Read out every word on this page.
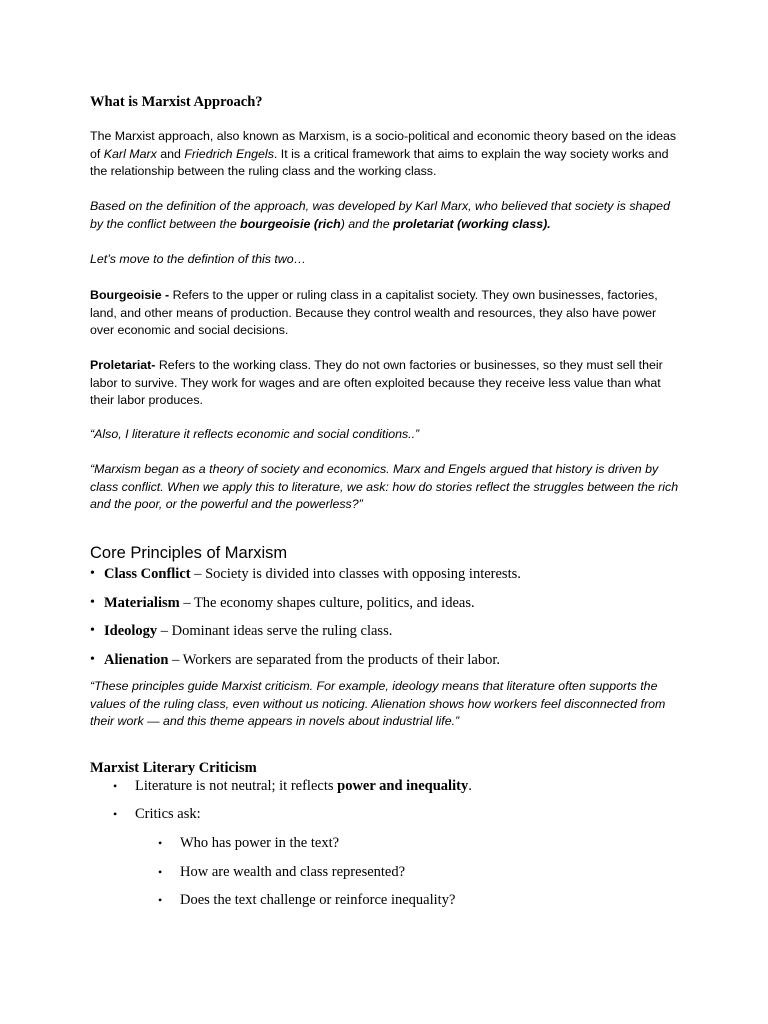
What is Marxist Approach?

The Marxist approach, also known as Marxism, is a socio-political and economic theory based on the ideas of Karl Marx and Friedrich Engels. It is a critical framework that aims to explain the way society works and the relationship between the ruling class and the working class.

Based on the definition of the approach, was developed by Karl Marx, who believed that society is shaped by the conflict between the bourgeoisie (rich) and the proletariat (working class).

Let’s move to the defintion of this two…

Bourgeoisie - Refers to the upper or ruling class in a capitalist society. They own businesses, factories, land, and other means of production. Because they control wealth and resources, they also have power over economic and social decisions.

Proletariat- Refers to the working class. They do not own factories or businesses, so they must sell their labor to survive. They work for wages and are often exploited because they receive less value than what their labor produces.

“Also, I literature it reflects economic and social conditions..”

“Marxism began as a theory of society and economics. Marx and Engels argued that history is driven by class conflict. When we apply this to literature, we ask: how do stories reflect the struggles between the rich and the poor, or the powerful and the powerless?”

Core Principles of Marxism
• Class Conflict – Society is divided into classes with opposing interests.
• Materialism – The economy shapes culture, politics, and ideas.
• Ideology – Dominant ideas serve the ruling class.
• Alienation – Workers are separated from the products of their labor.

“These principles guide Marxist criticism. For example, ideology means that literature often supports the values of the ruling class, even without us noticing. Alienation shows how workers feel disconnected from their work — and this theme appears in novels about industrial life.”

Marxist Literary Criticism
• Literature is not neutral; it reflects power and inequality.
• Critics ask:
• Who has power in the text?
• How are wealth and class represented?
• Does the text challenge or reinforce inequality?
